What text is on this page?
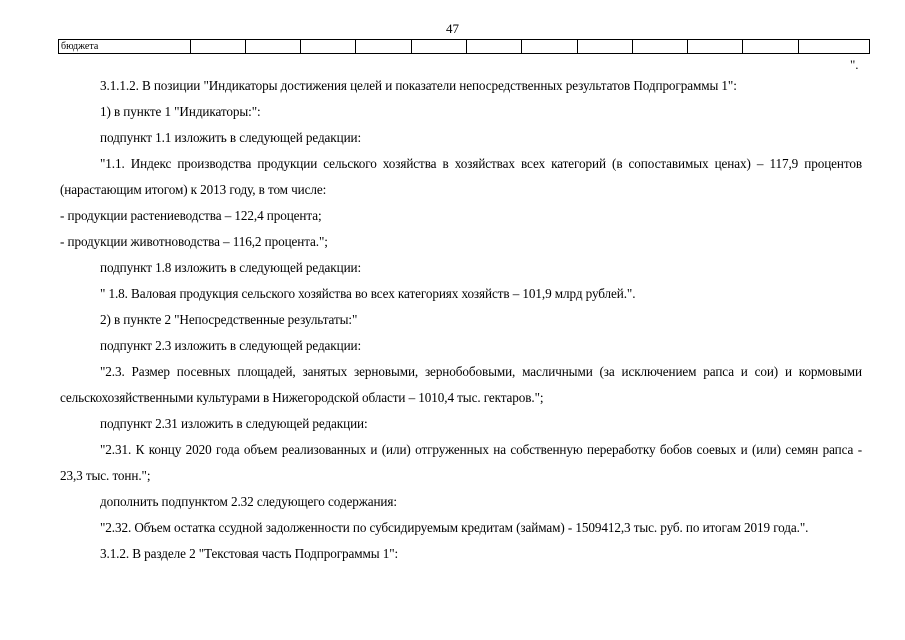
47
бюджета												
".

3.1.1.2. В позиции "Индикаторы достижения целей и показатели непосредственных результатов Подпрограммы 1":

1) в пункте 1 "Индикаторы:":

подпункт 1.1 изложить в следующей редакции:

"1.1. Индекс производства продукции сельского хозяйства в хозяйствах всех категорий (в сопоставимых ценах) – 117,9 процентов (нарастающим итогом) к 2013 году, в том числе:

- продукции растениеводства – 122,4 процента;

- продукции животноводства – 116,2 процента.";

подпункт 1.8 изложить в следующей редакции:

" 1.8. Валовая продукция сельского хозяйства во всех категориях хозяйств – 101,9 млрд рублей.".

2) в пункте 2 "Непосредственные результаты:"

подпункт 2.3 изложить в следующей редакции:

"2.3. Размер посевных площадей, занятых зерновыми, зернобобовыми, масличными (за исключением рапса и сои) и кормовыми сельскохозяйственными культурами в Нижегородской области – 1010,4 тыс. гектаров.";

подпункт 2.31 изложить в следующей редакции:

"2.31. К концу 2020 года объем реализованных и (или) отгруженных на собственную переработку бобов соевых и (или) семян рапса - 23,3 тыс. тонн.";

дополнить подпунктом 2.32 следующего содержания:

"2.32. Объем остатка ссудной задолженности по субсидируемым кредитам (займам) - 1509412,3 тыс. руб. по итогам 2019 года.".

3.1.2. В разделе 2 "Текстовая часть Подпрограммы 1":
